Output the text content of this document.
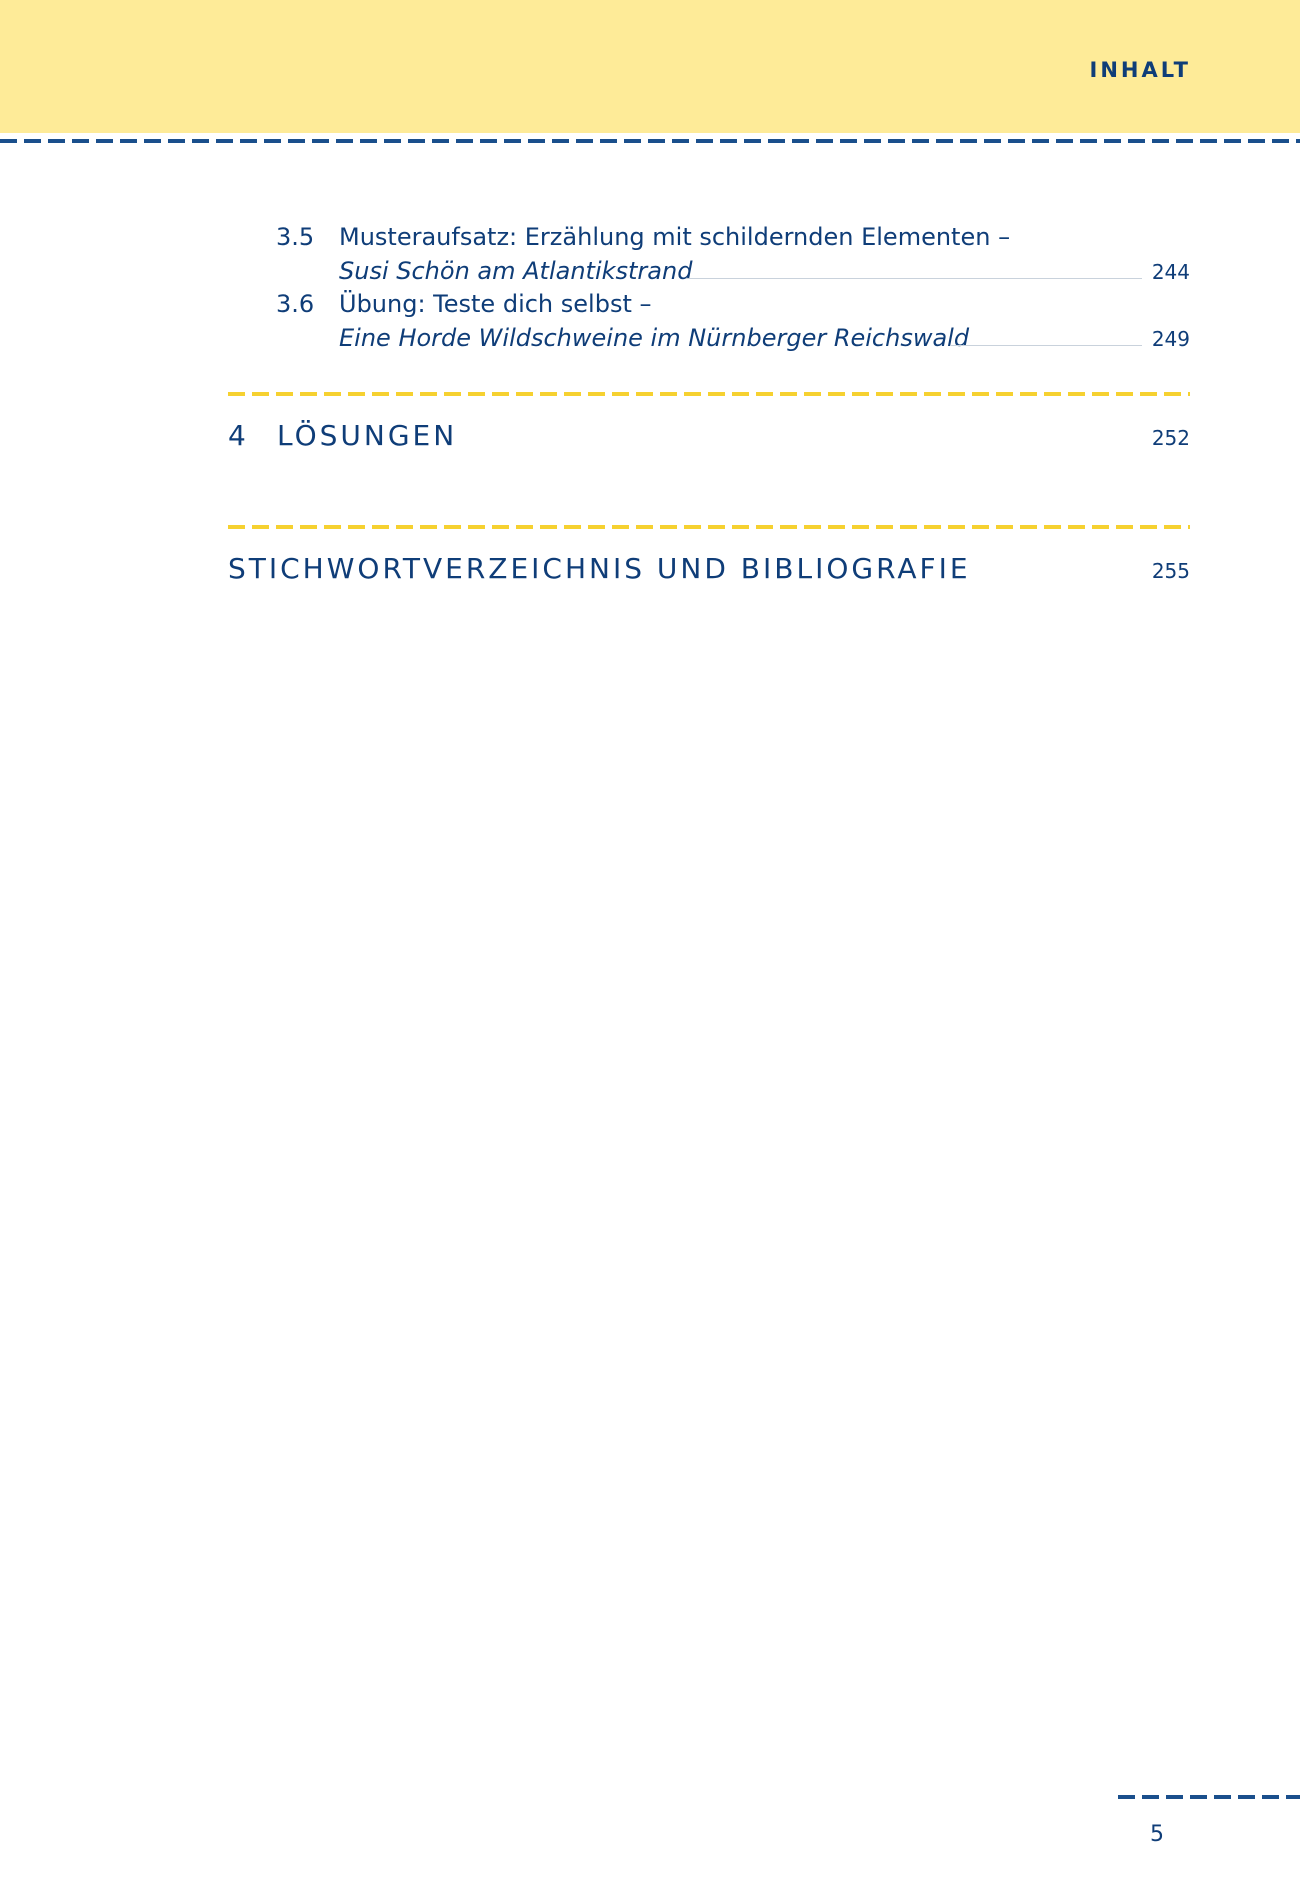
INHALT
3.5 Musteraufsatz: Erzählung mit schildernden Elementen –
Susi Schön am Atlantikstrand	244
3.6 Übung: Teste dich selbst –
Eine Horde Wildschweine im Nürnberger Reichswald	249
4 LÖSUNGEN	252
STICHWORTVERZEICHNIS UND BIBLIOGRAFIE	255
5
